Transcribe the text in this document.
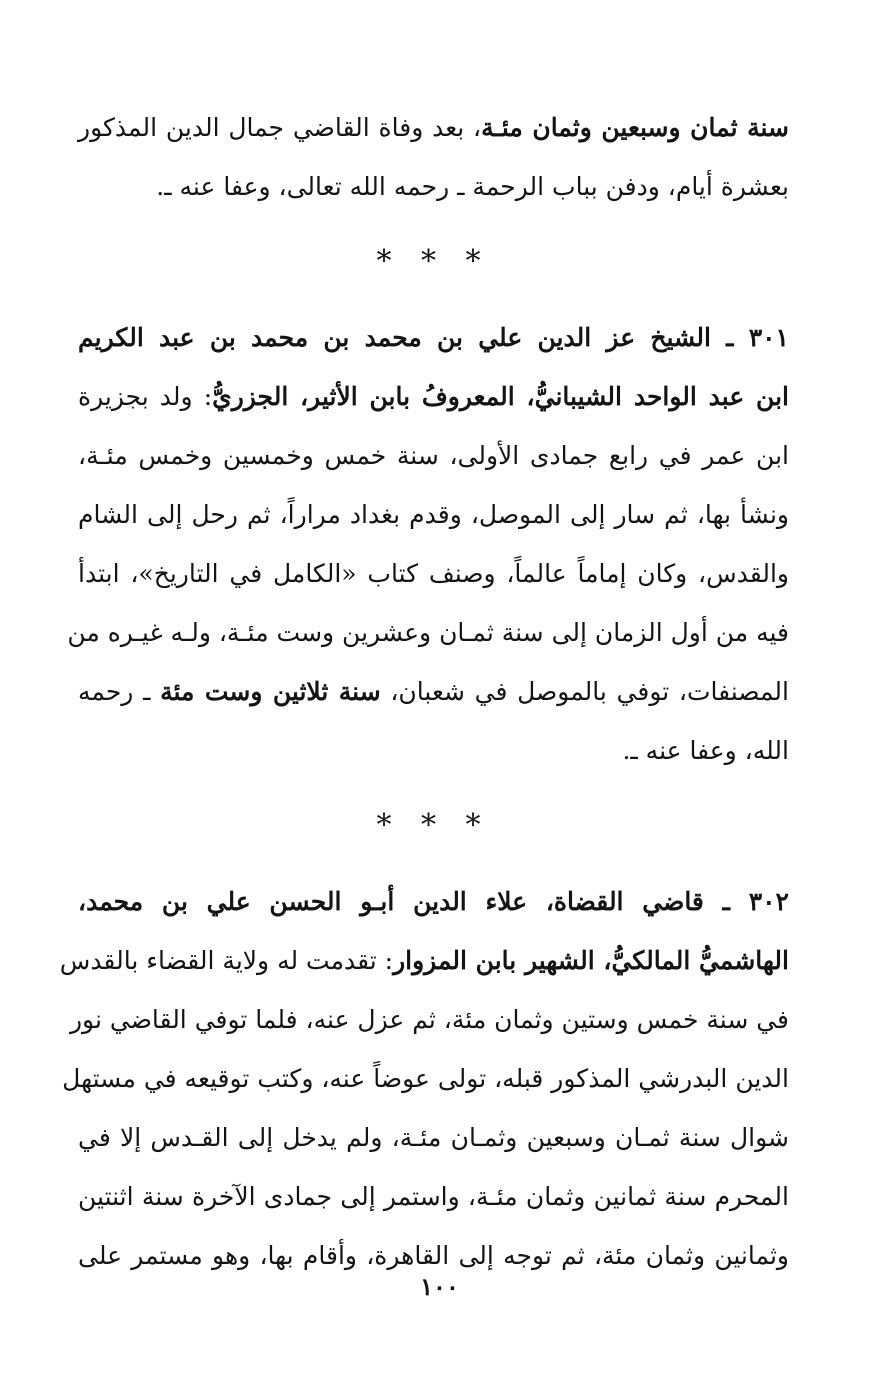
سنة ثمان وسبعين وثمان مئـة، بعد وفاة القاضي جمال الدين المذكور
بعشرة أيام، ودفن بباب الرحمة ـ رحمه الله تعالى، وعفا عنه ـ.
* * *
٣٠١ ـ الشيخ عز الدين علي بن محمد بن محمد بن عبد الكريم
ابن عبد الواحد الشيبانيُّ، المعروفُ بابن الأثير، الجزريُّ: ولد بجزيرة
ابن عمر في رابع جمادى الأولى، سنة خمس وخمسين وخمس مئـة،
ونشأ بها، ثم سار إلى الموصل، وقدم بغداد مراراً، ثم رحل إلى الشام
والقدس، وكان إماماً عالماً، وصنف كتاب «الكامل في التاريخ»، ابتدأ
فيه من أول الزمان إلى سنة ثمـان وعشرين وست مئـة، ولـه غيـره من
المصنفات، توفي بالموصل في شعبان، سنة ثلاثين وست مئة ـ رحمه
الله، وعفا عنه ـ.
* * *
٣٠٢ ـ قاضي القضاة، علاء الدين أبـو الحسن علي بن محمد،
الهاشميُّ المالكيُّ، الشهير بابن المزوار: تقدمت له ولاية القضاء بالقدس
في سنة خمس وستين وثمان مئة، ثم عزل عنه، فلما توفي القاضي نور
الدين البدرشي المذكور قبله، تولى عوضاً عنه، وكتب توقيعه في مستهل
شوال سنة ثمـان وسبعين وثمـان مئـة، ولم يدخل إلى القـدس إلا في
المحرم سنة ثمانين وثمان مئـة، واستمر إلى جمادى الآخرة سنة اثنتين
وثمانين وثمان مئة، ثم توجه إلى القاهرة، وأقام بها، وهو مستمر على
١٠٠
